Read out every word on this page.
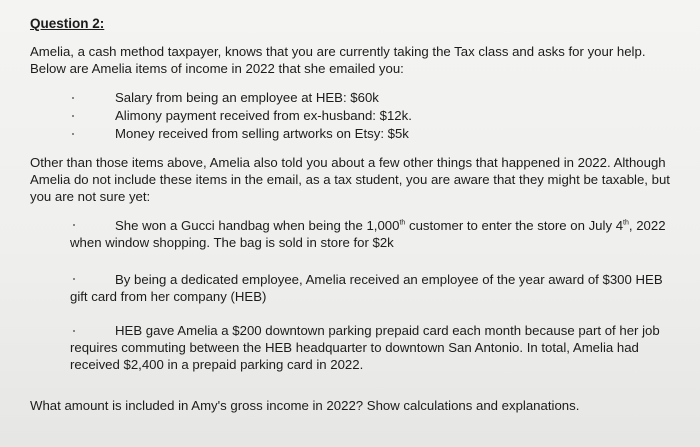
Question 2:
Amelia, a cash method taxpayer, knows that you are currently taking the Tax class and asks for your help.
Below are Amelia items of income in 2022 that she emailed you:
Salary from being an employee at HEB: $60k
Alimony payment received from ex-husband: $12k.
Money received from selling artworks on Etsy: $5k
Other than those items above, Amelia also told you about a few other things that happened in 2022. Although
Amelia do not include these items in the email, as a tax student, you are aware that they might be taxable, but
you are not sure yet:
She won a Gucci handbag when being the 1,000th customer to enter the store on July 4th, 2022
when window shopping. The bag is sold in store for $2k
By being a dedicated employee, Amelia received an employee of the year award of $300 HEB
gift card from her company (HEB)
HEB gave Amelia a $200 downtown parking prepaid card each month because part of her job
requires commuting between the HEB headquarter to downtown San Antonio. In total, Amelia had
received $2,400 in a prepaid parking card in 2022.
What amount is included in Amy's gross income in 2022? Show calculations and explanations.
